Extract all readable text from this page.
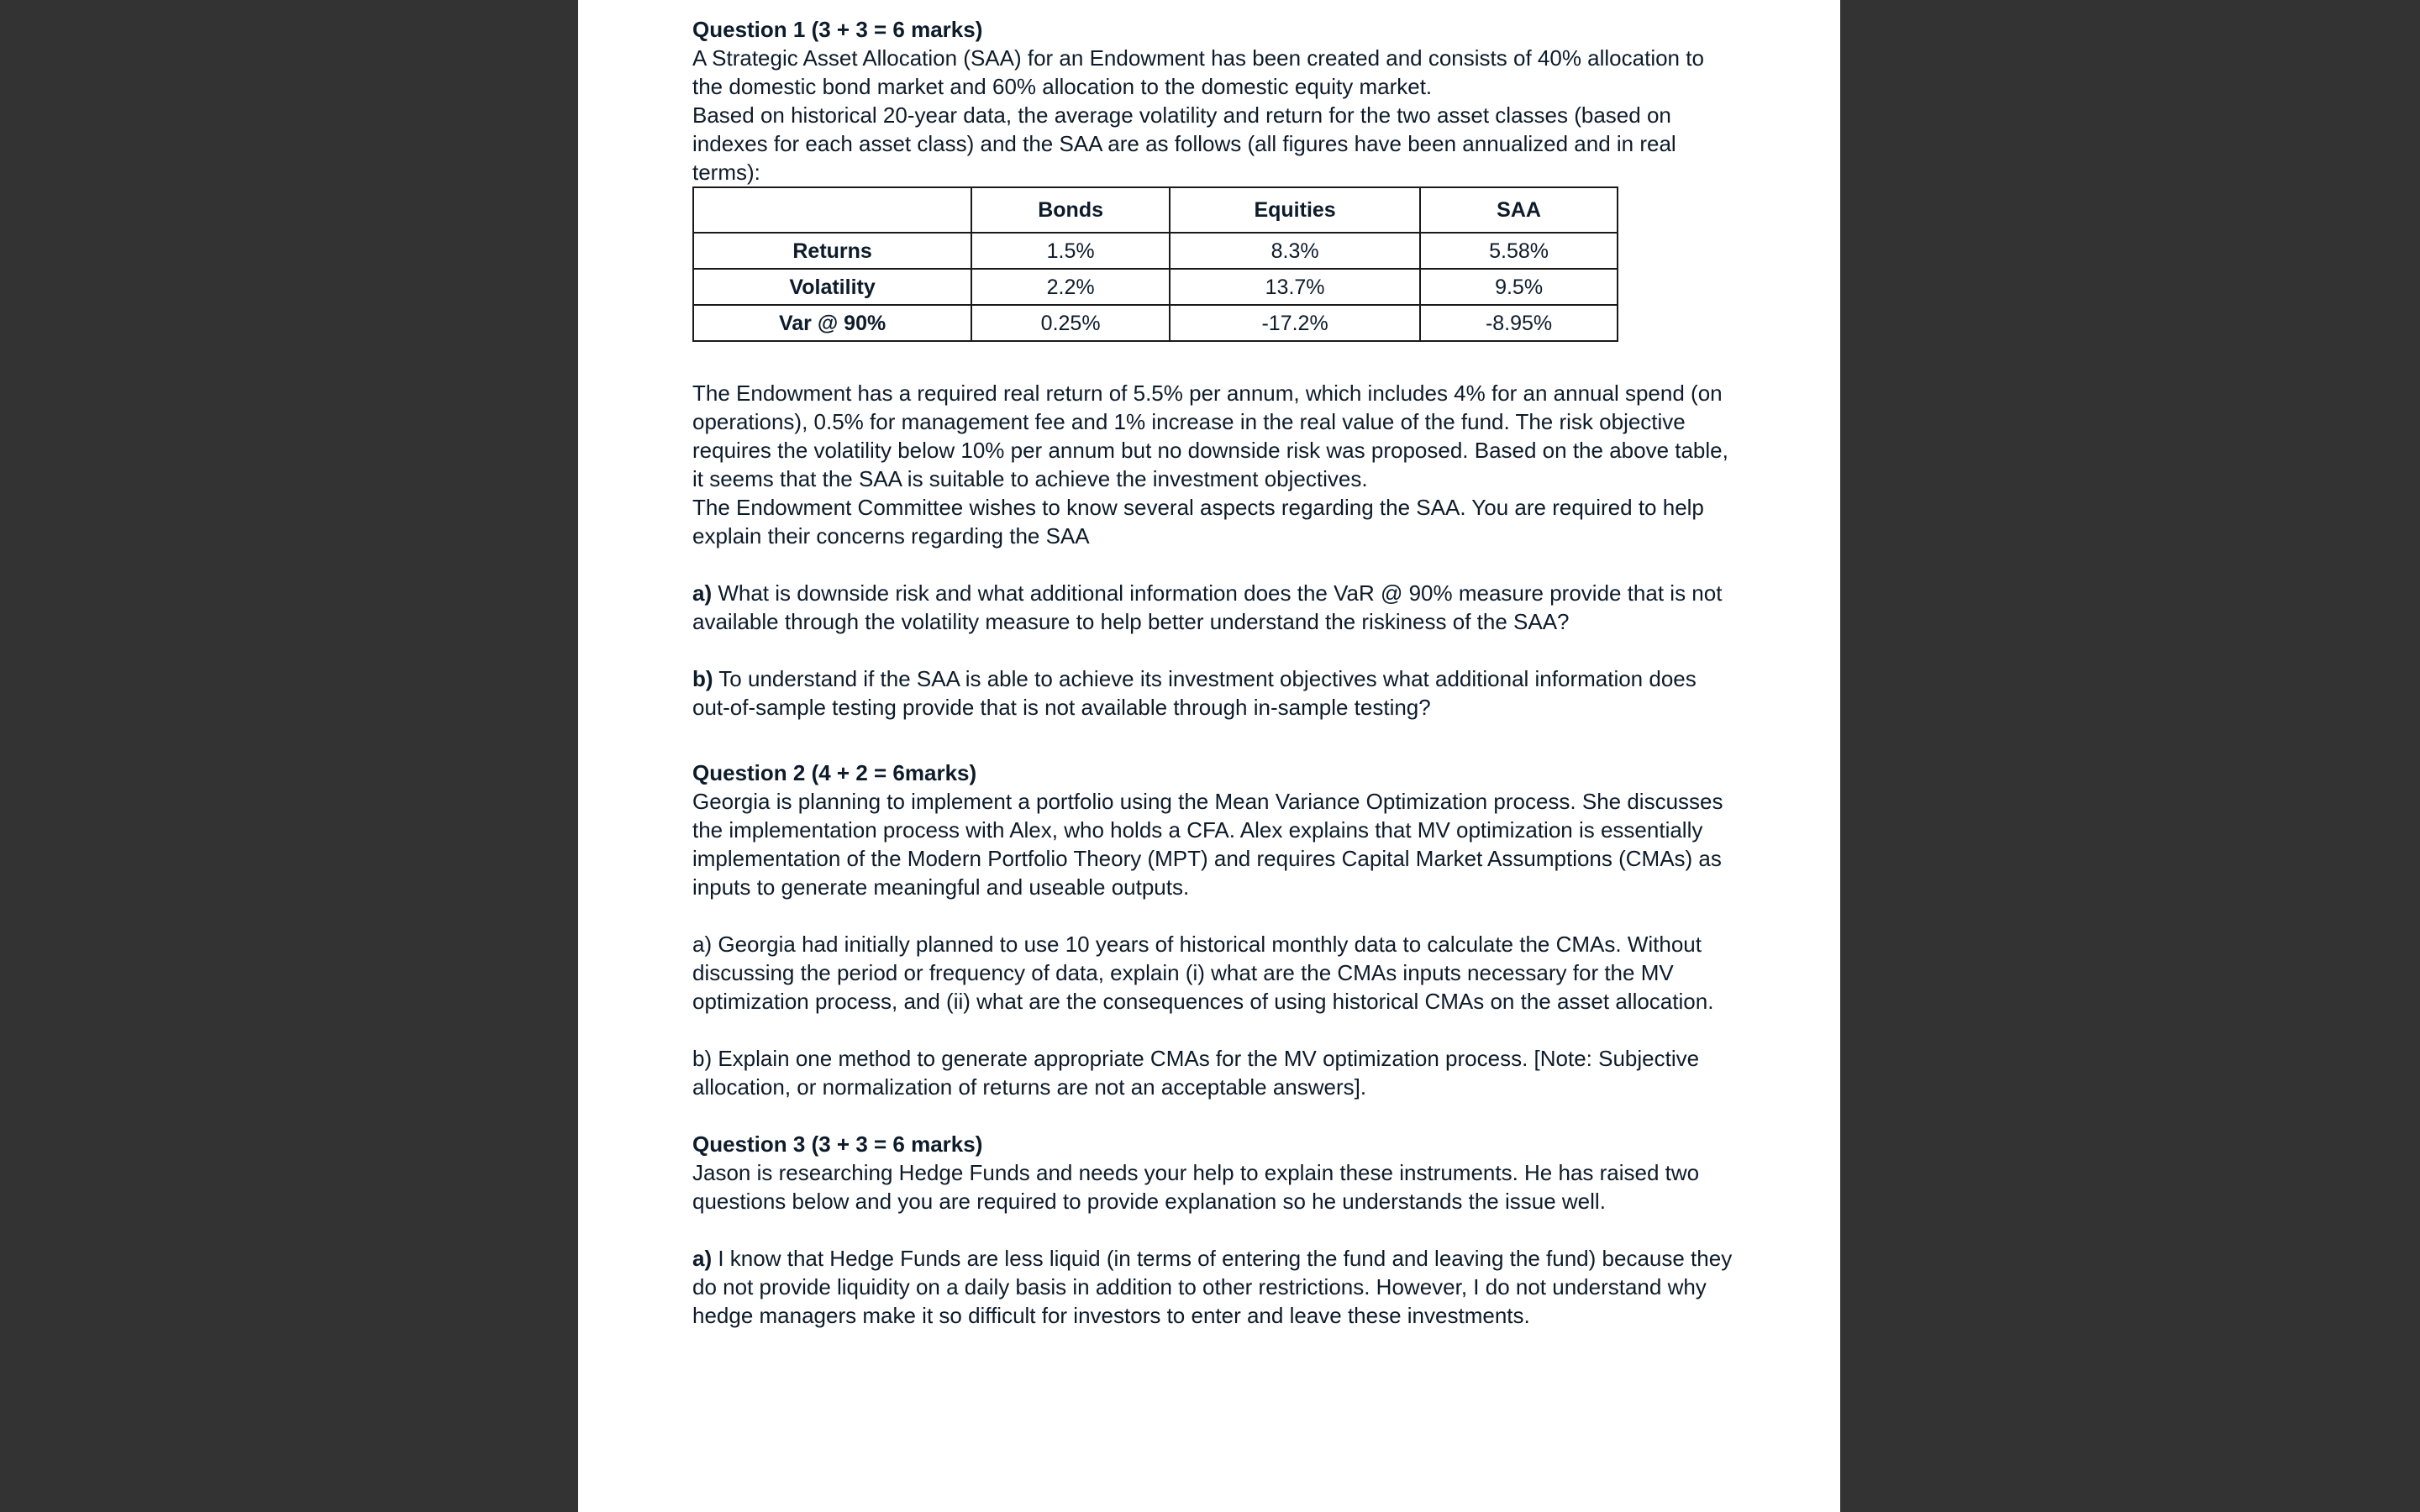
Question 1 (3 + 3 = 6 marks)

A Strategic Asset Allocation (SAA) for an Endowment has been created and consists of 40% allocation to the domestic bond market and 60% allocation to the domestic equity market.

Based on historical 20-year data, the average volatility and return for the two asset classes (based on indexes for each asset class) and the SAA are as follows (all figures have been annualized and in real terms):

	Bonds	Equities	SAA
Returns	1.5%	8.3%	5.58%
Volatility	2.2%	13.7%	9.5%
Var @ 90%	0.25%	-17.2%	-8.95%

The Endowment has a required real return of 5.5% per annum, which includes 4% for an annual spend (on operations), 0.5% for management fee and 1% increase in the real value of the fund. The risk objective requires the volatility below 10% per annum but no downside risk was proposed. Based on the above table, it seems that the SAA is suitable to achieve the investment objectives.

The Endowment Committee wishes to know several aspects regarding the SAA. You are required to help explain their concerns regarding the SAA

a) What is downside risk and what additional information does the VaR @ 90% measure provide that is not available through the volatility measure to help better understand the riskiness of the SAA?

b) To understand if the SAA is able to achieve its investment objectives what additional information does out-of-sample testing provide that is not available through in-sample testing?

Question 2 (4 + 2 = 6marks)

Georgia is planning to implement a portfolio using the Mean Variance Optimization process. She discusses the implementation process with Alex, who holds a CFA. Alex explains that MV optimization is essentially implementation of the Modern Portfolio Theory (MPT) and requires Capital Market Assumptions (CMAs) as inputs to generate meaningful and useable outputs.

a) Georgia had initially planned to use 10 years of historical monthly data to calculate the CMAs. Without discussing the period or frequency of data, explain (i) what are the CMAs inputs necessary for the MV optimization process, and (ii) what are the consequences of using historical CMAs on the asset allocation.

b) Explain one method to generate appropriate CMAs for the MV optimization process. [Note: Subjective allocation, or normalization of returns are not an acceptable answers].

Question 3 (3 + 3 = 6 marks)

Jason is researching Hedge Funds and needs your help to explain these instruments. He has raised two questions below and you are required to provide explanation so he understands the issue well.

a) I know that Hedge Funds are less liquid (in terms of entering the fund and leaving the fund) because they do not provide liquidity on a daily basis in addition to other restrictions. However, I do not understand why hedge managers make it so difficult for investors to enter and leave these investments.
